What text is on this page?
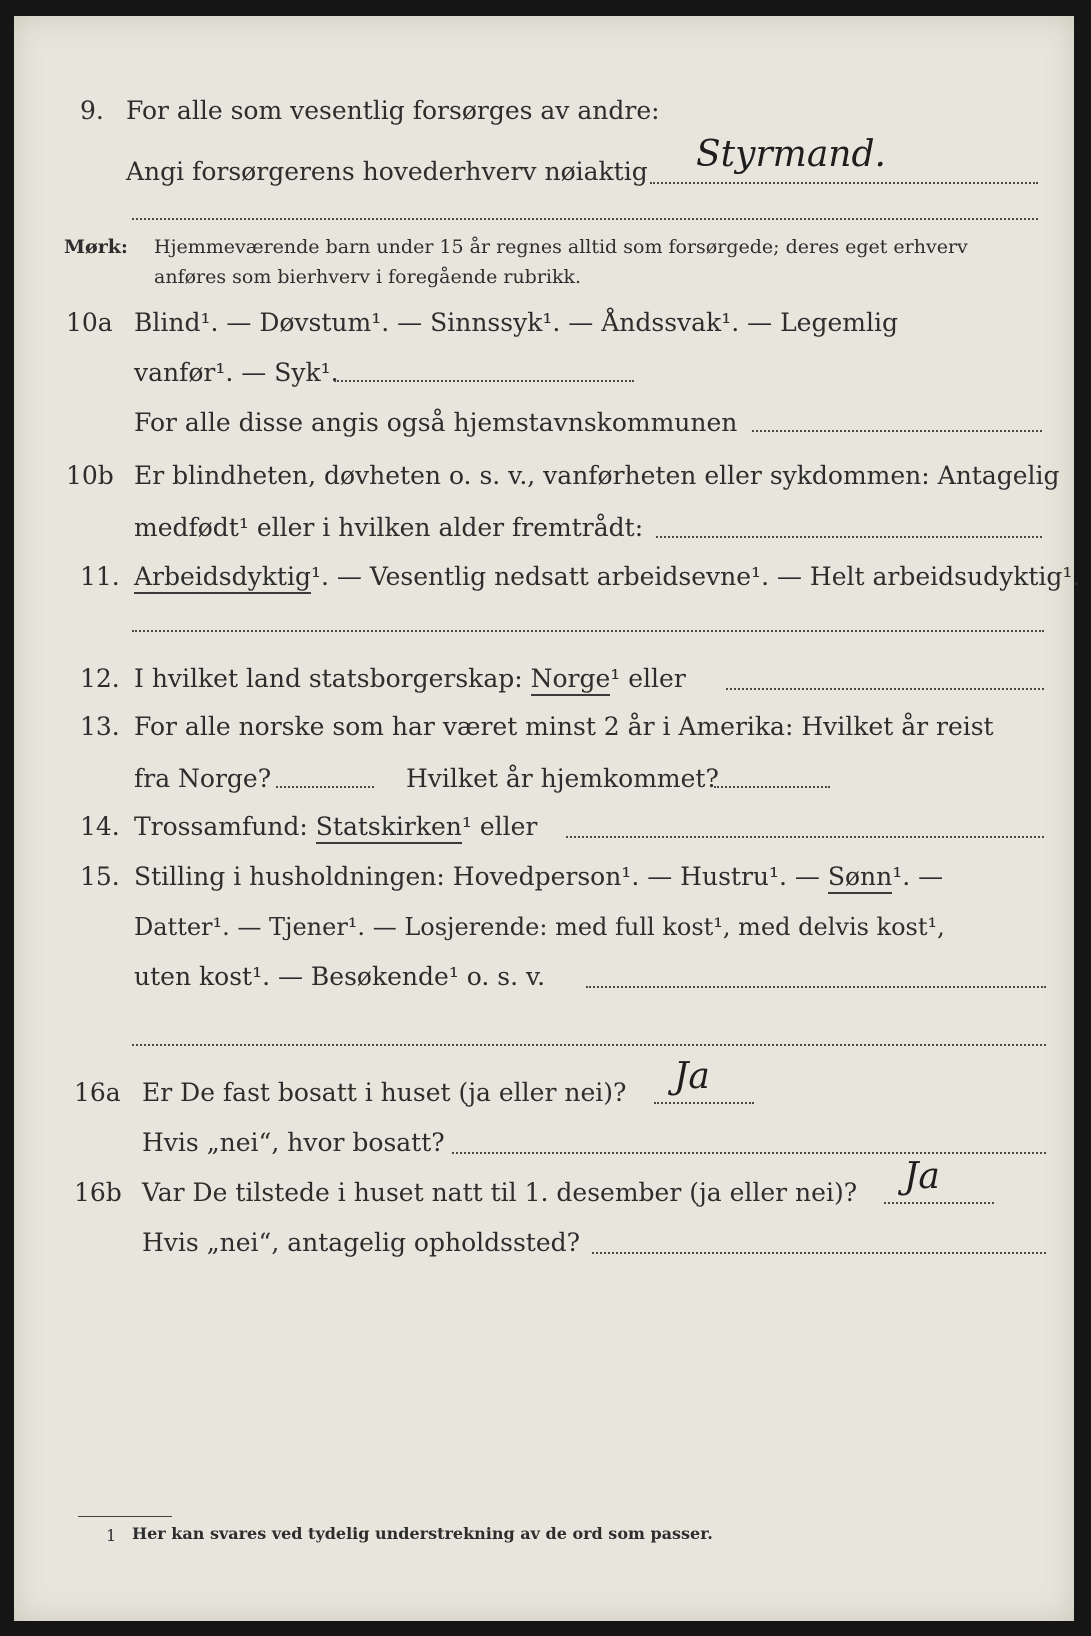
9. For alle som vesentlig forsørges av andre:
Angi forsørgerens hovederhverv nøiaktig Styrmand.
Mørk: Hjemmeværende barn under 15 år regnes alltid som forsørgede; deres eget erhverv
anføres som bierhverv i foregående rubrikk.
10a Blind¹. — Døvstum¹. — Sinnssyk¹. — Åndssvak¹. — Legemlig
vanfør¹. — Syk¹.
For alle disse angis også hjemstavnskommunen
10b Er blindheten, døvheten o. s. v., vanførheten eller sykdommen: Antagelig
medfødt¹ eller i hvilken alder fremtrådt:
11. Arbeidsdyktig¹. — Vesentlig nedsatt arbeidsevne¹. — Helt arbeidsudyktig¹.
12. I hvilket land statsborgerskap: Norge¹ eller
13. For alle norske som har været minst 2 år i Amerika: Hvilket år reist
fra Norge?	Hvilket år hjemkommet?
14. Trossamfund: Statskirken¹ eller
15. Stilling i husholdningen: Hovedperson¹. — Hustru¹. — Sønn¹. —
Datter¹. — Tjener¹. — Losjerende: med full kost¹, med delvis kost¹,
uten kost¹. — Besøkende¹ o. s. v.
16a Er De fast bosatt i huset (ja eller nei)? Ja
Hvis „nei“, hvor bosatt?
16b Var De tilstede i huset natt til 1. desember (ja eller nei)? Ja
Hvis „nei“, antagelig opholdssted?
1 Her kan svares ved tydelig understrekning av de ord som passer.
